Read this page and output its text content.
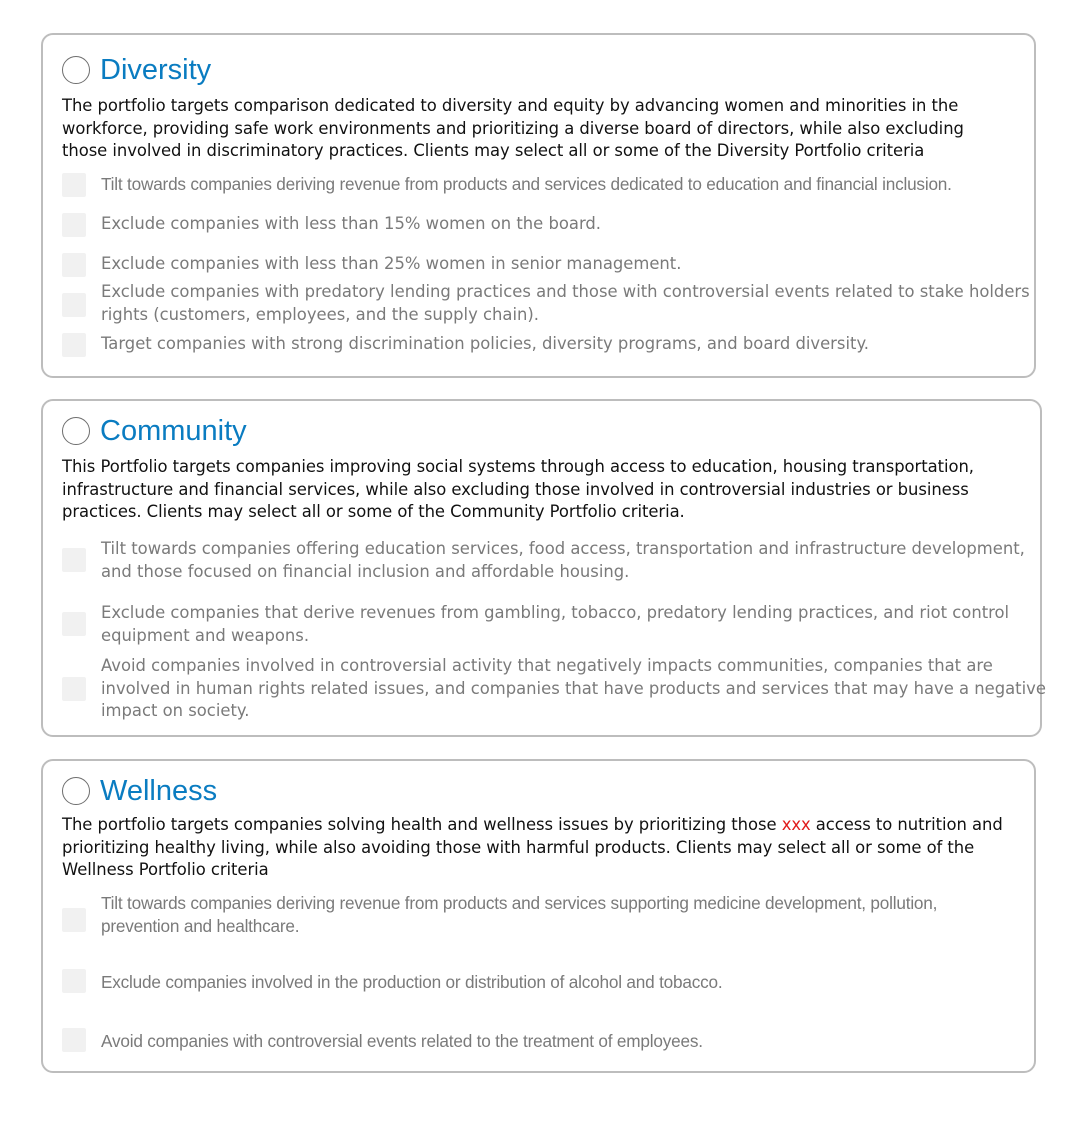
Diversity
The portfolio targets comparison dedicated to diversity and equity by advancing women and minorities in the workforce, providing safe work environments and prioritizing a diverse board of directors, while also excluding those involved in discriminatory practices. Clients may select all or some of the Diversity Portfolio criteria
Tilt towards companies deriving revenue from products and services dedicated to education and financial inclusion.
Exclude companies with less than 15% women on the board.
Exclude companies with less than 25% women in senior management.
Exclude companies with predatory lending practices and those with controversial events related to stake holders rights (customers, employees, and the supply chain).
Target companies with strong discrimination policies, diversity programs, and board diversity.
Community
This Portfolio targets companies improving social systems through access to education, housing transportation, infrastructure and financial services, while also excluding those involved in controversial industries or business practices. Clients may select all or some of the Community Portfolio criteria.
Tilt towards companies offering education services, food access, transportation and infrastructure development, and those focused on financial inclusion and affordable housing.
Exclude companies that derive revenues from gambling, tobacco, predatory lending practices, and riot control equipment and weapons.
Avoid companies involved in controversial activity that negatively impacts communities, companies that are involved in human rights related issues, and companies that have products and services that may have a negative impact on society.
Wellness
The portfolio targets companies solving health and wellness issues by prioritizing those xxx access to nutrition and prioritizing healthy living, while also avoiding those with harmful products. Clients may select all or some of the Wellness Portfolio criteria
Tilt towards companies deriving revenue from products and services supporting medicine development, pollution, prevention and healthcare.
Exclude companies involved in the production or distribution of alcohol and tobacco.
Avoid companies with controversial events related to the treatment of employees.
